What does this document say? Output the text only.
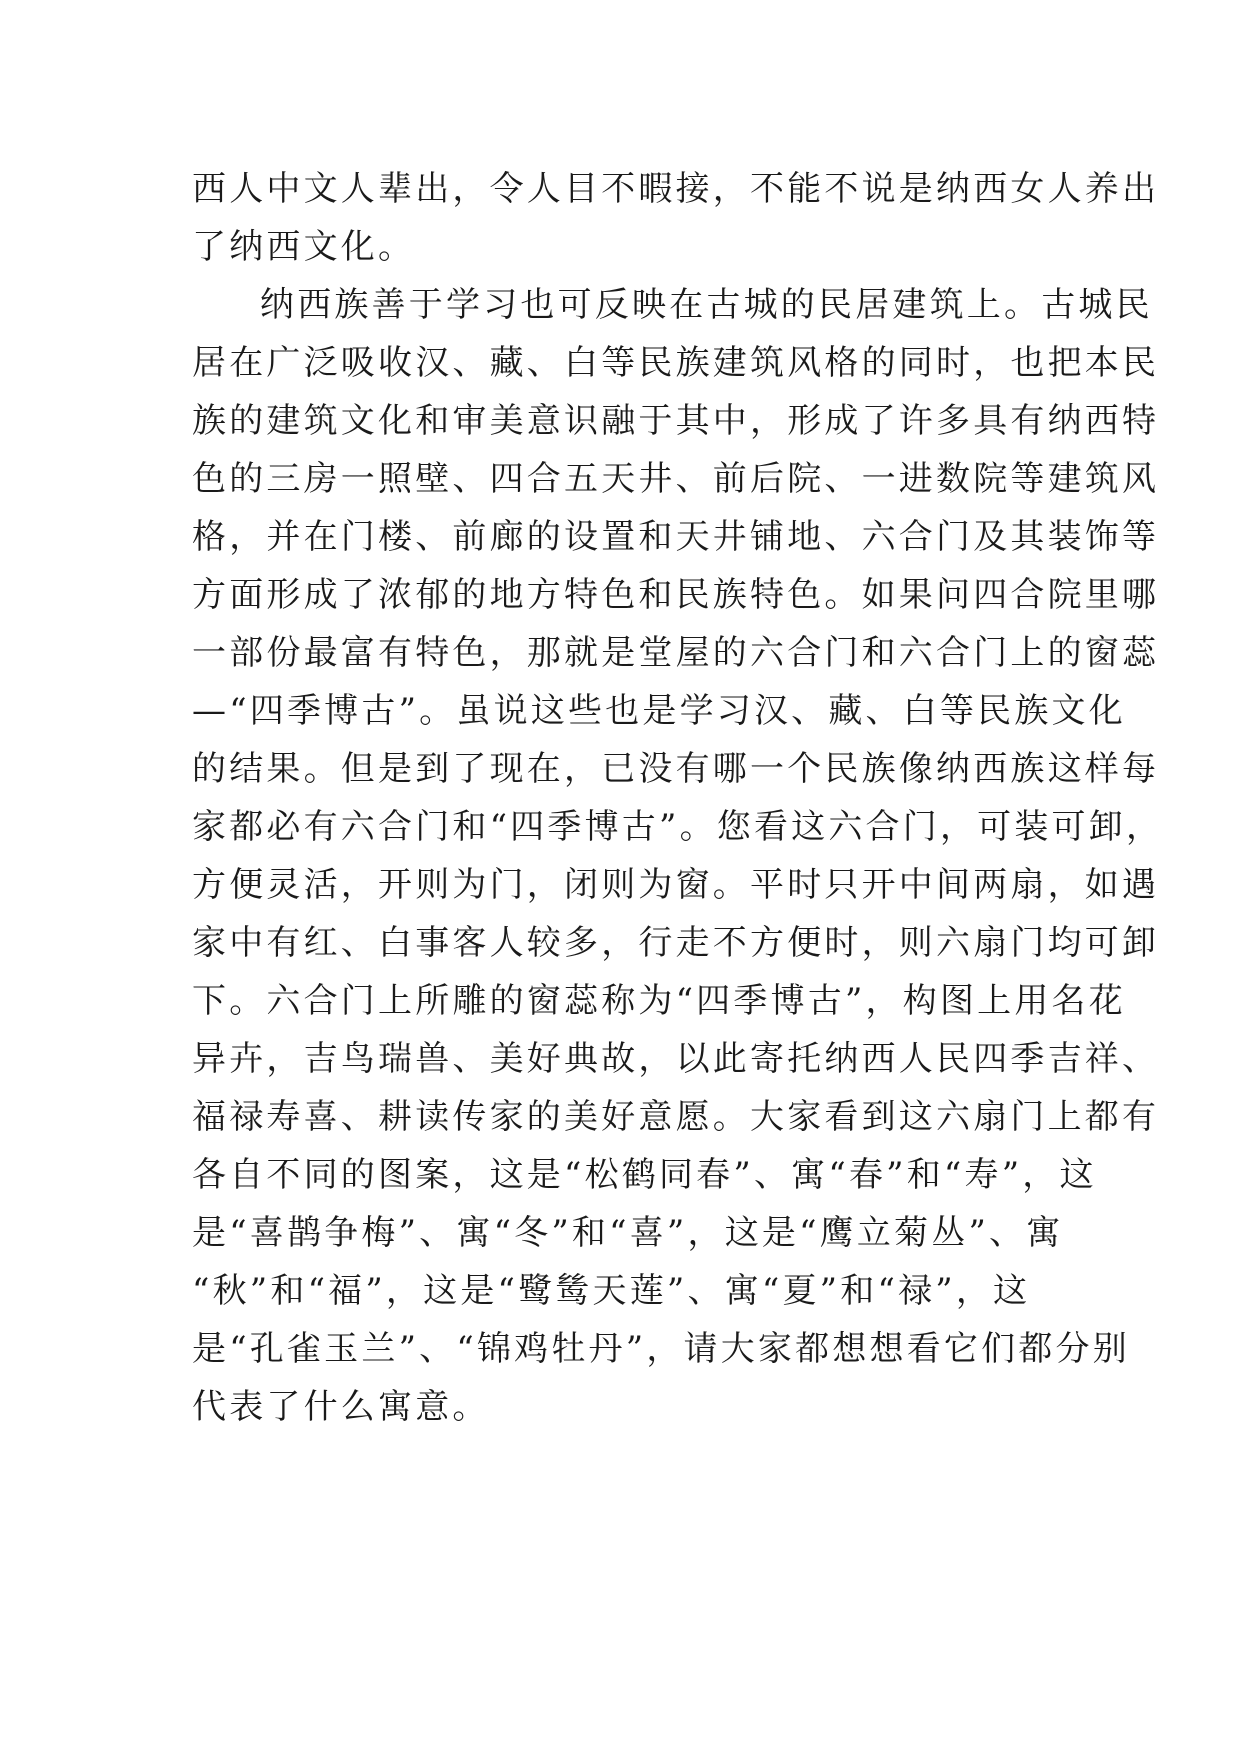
西人中文人辈出，令人目不暇接，不能不说是纳西女人养出
了纳西文化。
纳西族善于学习也可反映在古城的民居建筑上。古城民
居在广泛吸收汉、藏、白等民族建筑风格的同时，也把本民
族的建筑文化和审美意识融于其中，形成了许多具有纳西特
色的三房一照壁、四合五天井、前后院、一进数院等建筑风
格，并在门楼、前廊的设置和天井铺地、六合门及其装饰等
方面形成了浓郁的地方特色和民族特色。如果问四合院里哪
一部份最富有特色，那就是堂屋的六合门和六合门上的窗蕊
—“四季博古”。虽说这些也是学习汉、藏、白等民族文化
的结果。但是到了现在，已没有哪一个民族像纳西族这样每
家都必有六合门和“四季博古”。您看这六合门，可装可卸，
方便灵活，开则为门，闭则为窗。平时只开中间两扇，如遇
家中有红、白事客人较多，行走不方便时，则六扇门均可卸
下。六合门上所雕的窗蕊称为“四季博古”，构图上用名花
异卉，吉鸟瑞兽、美好典故，以此寄托纳西人民四季吉祥、
福禄寿喜、耕读传家的美好意愿。大家看到这六扇门上都有
各自不同的图案，这是“松鹤同春”、寓“春”和“寿”，这
是“喜鹊争梅”、寓“冬”和“喜”，这是“鹰立菊丛”、寓
“秋”和“福”，这是“鹭鸶天莲”、寓“夏”和“禄”，这
是“孔雀玉兰”、“锦鸡牡丹”，请大家都想想看它们都分别
代表了什么寓意。
